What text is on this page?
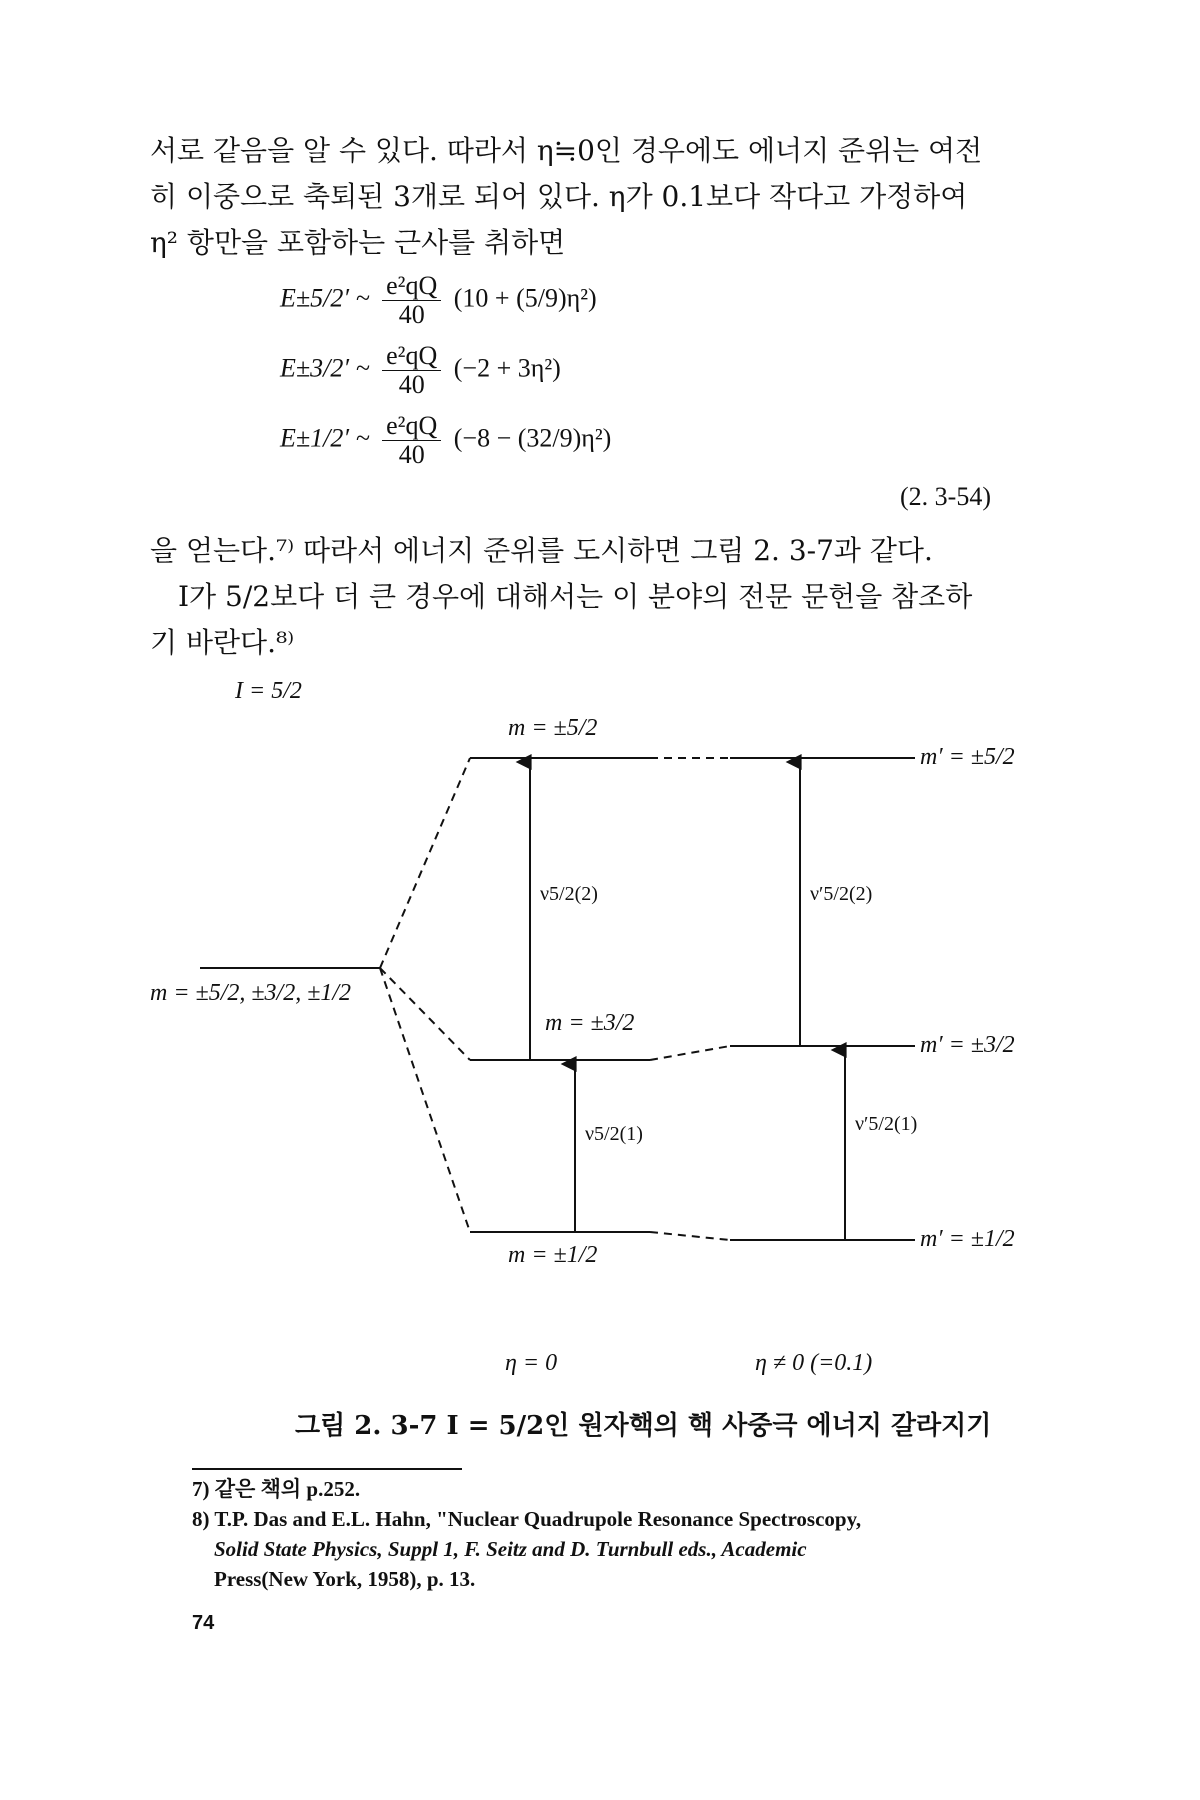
서로 같음을 알 수 있다. 따라서 η≒0인 경우에도 에너지 준위는 여전
히 이중으로 축퇴된 3개로 되어 있다. η가 0.1보다 작다고 가정하여
η² 항만을 포함하는 근사를 취하면
E±5/2′ ~ $\frac{\text{e²qQ}}{40} (10 + (5/9)\eta^2)$
E±3/2′ ~ $\frac{\text{e²qQ}}{40} (-2 + 3\eta^2)$
E±1/2′ ~ $\frac{\text{e²qQ}}{40} (-8 - (32/9)\eta^2)$
(2. 3-54)
을 얻는다.⁷⁾ 따라서 에너지 준위를 도시하면 그림 2. 3-7과 같다.
I가 5/2보다 더 큰 경우에 대해서는 이 분야의 전문 문헌을 참조하
기 바란다.⁸⁾
I = 5/2
m = ±5/2, ±3/2, ±1/2
m = ±5/2
m = ±3/2
m = ±1/2
m′ = ±5/2
m′ = ±3/2
m′ = ±1/2
ν5/2(2)
ν5/2(1)
ν′5/2(2)
ν′5/2(1)
η = 0	η ≠ 0 (=0.1)
그림 2. 3-7 I = 5/2인 원자핵의 핵 사중극 에너지 갈라지기
7) 같은 책의 p.252.
8) T.P. Das and E.L. Hahn, "Nuclear Quadrupole Resonance Spectroscopy,
Solid State Physics, Suppl 1, F. Seitz and D. Turnbull eds., Academic
Press(New York, 1958), p. 13.
74
